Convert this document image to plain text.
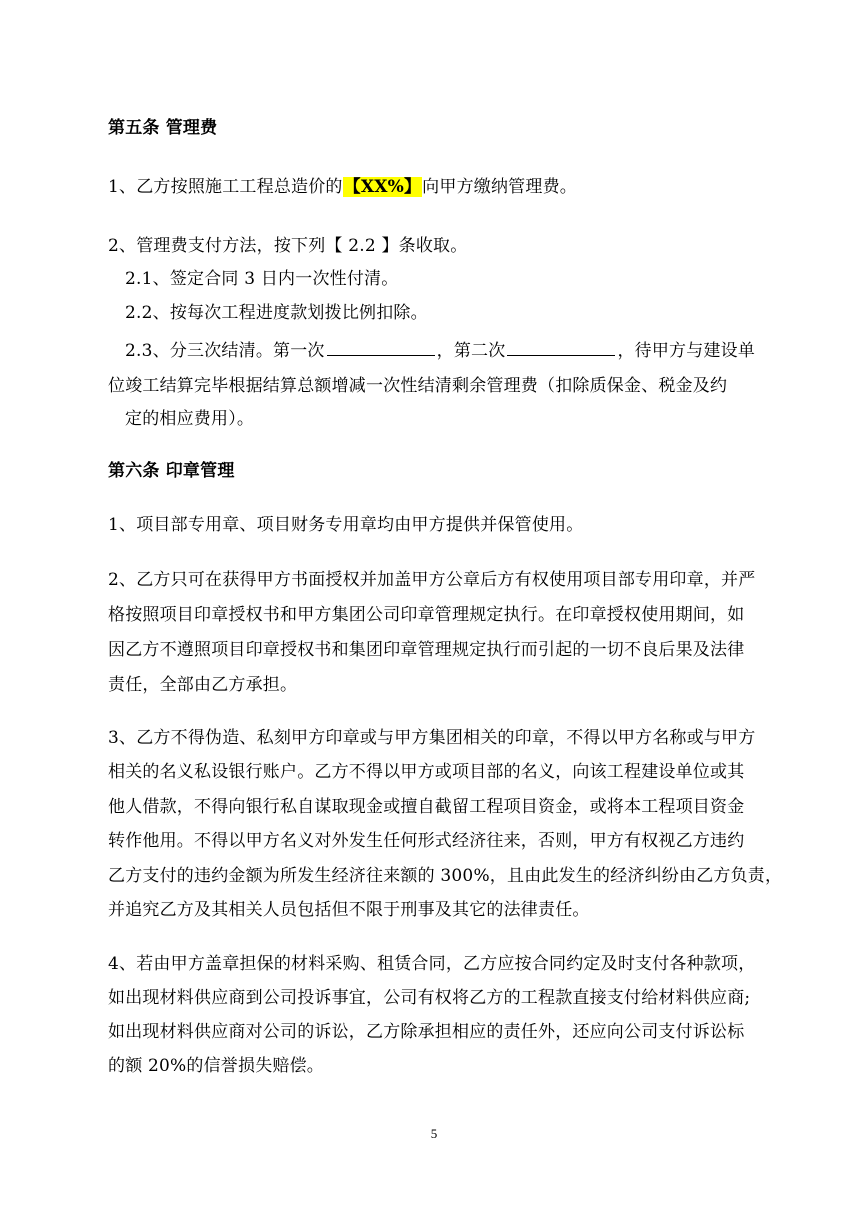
第五条 管理费
1、乙方按照施工工程总造价的【XX%】向甲方缴纳管理费。
2、管理费支付方法，按下列【 2.2 】条收取。
2.1、签定合同 3 日内一次性付清。
2.2、按每次工程进度款划拨比例扣除。
2.3、分三次结清。第一次	，第二次	，待甲方与建设单
位竣工结算完毕根据结算总额增减一次性结清剩余管理费（扣除质保金、税金及约
定的相应费用）。
第六条 印章管理
1、项目部专用章、项目财务专用章均由甲方提供并保管使用。
2、乙方只可在获得甲方书面授权并加盖甲方公章后方有权使用项目部专用印章，并严
格按照项目印章授权书和甲方集团公司印章管理规定执行。在印章授权使用期间，如
因乙方不遵照项目印章授权书和集团印章管理规定执行而引起的一切不良后果及法律
责任，全部由乙方承担。
3、乙方不得伪造、私刻甲方印章或与甲方集团相关的印章，不得以甲方名称或与甲方
相关的名义私设银行账户。乙方不得以甲方或项目部的名义，向该工程建设单位或其
他人借款，不得向银行私自谋取现金或擅自截留工程项目资金，或将本工程项目资金
转作他用。不得以甲方名义对外发生任何形式经济往来，否则，甲方有权视乙方违约
乙方支付的违约金额为所发生经济往来额的 300%，且由此发生的经济纠纷由乙方负责，
并追究乙方及其相关人员包括但不限于刑事及其它的法律责任。
4、若由甲方盖章担保的材料采购、租赁合同，乙方应按合同约定及时支付各种款项，
如出现材料供应商到公司投诉事宜，公司有权将乙方的工程款直接支付给材料供应商;
如出现材料供应商对公司的诉讼，乙方除承担相应的责任外，还应向公司支付诉讼标
的额 20%的信誉损失赔偿。
5
